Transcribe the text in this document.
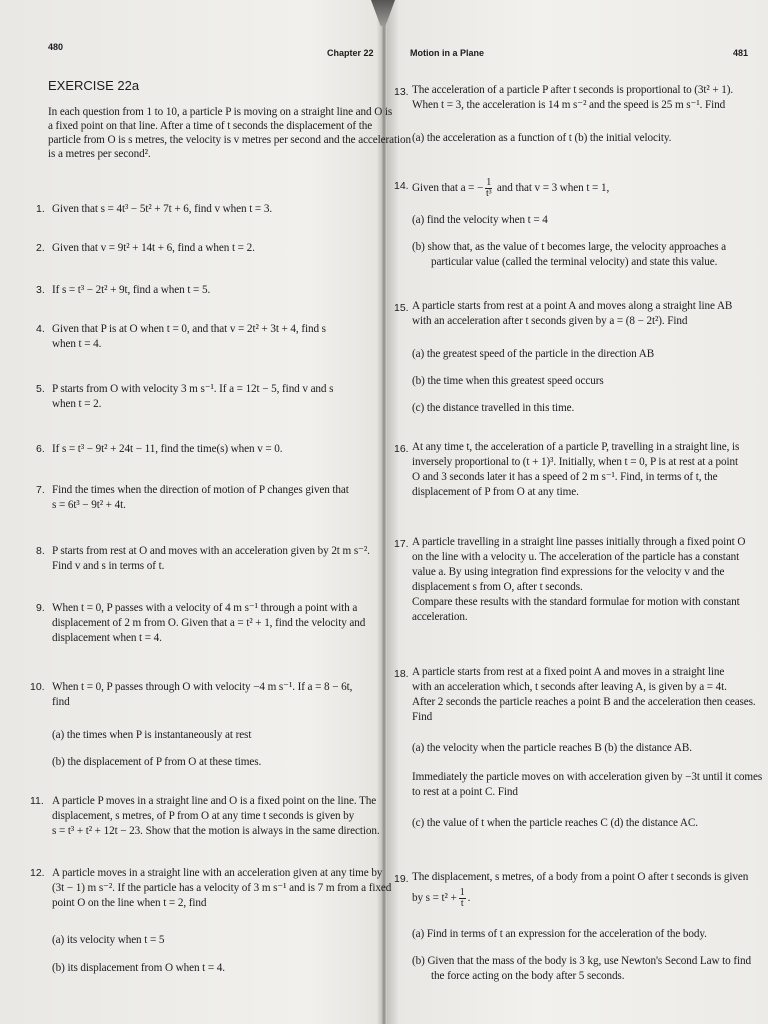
480
Chapter 22
EXERCISE 22a
In each question from 1 to 10, a particle P is moving on a straight line and O is
a fixed point on that line. After a time of t seconds the displacement of the
particle from O is s metres, the velocity is v metres per second and the acceleration
is a metres per second².
1. Given that s = 4t³ − 5t² + 7t + 6, find v when t = 3.
2. Given that v = 9t² + 14t + 6, find a when t = 2.
3. If s = t³ − 2t² + 9t, find a when t = 5.
4. Given that P is at O when t = 0, and that v = 2t² + 3t + 4, find s
when t = 4.
5. P starts from O with velocity 3 m s⁻¹. If a = 12t − 5, find v and s
when t = 2.
6. If s = t³ − 9t² + 24t − 11, find the time(s) when v = 0.
7. Find the times when the direction of motion of P changes given that
s = 6t³ − 9t² + 4t.
8. P starts from rest at O and moves with an acceleration given by 2t m s⁻².
Find v and s in terms of t.
9. When t = 0, P passes with a velocity of 4 m s⁻¹ through a point with a
displacement of 2 m from O. Given that a = t² + 1, find the velocity and
displacement when t = 4.
10. When t = 0, P passes through O with velocity −4 m s⁻¹. If a = 8 − 6t,
find
(a) the times when P is instantaneously at rest
(b) the displacement of P from O at these times.
11. A particle P moves in a straight line and O is a fixed point on the line. The
displacement, s metres, of P from O at any time t seconds is given by
s = t³ + t² + 12t − 23. Show that the motion is always in the same direction.
12. A particle moves in a straight line with an acceleration given at any time by
(3t − 1) m s⁻². If the particle has a velocity of 3 m s⁻¹ and is 7 m from a fixed
point O on the line when t = 2, find
(a) its velocity when t = 5
(b) its displacement from O when t = 4.
Motion in a Plane	481
13. The acceleration of a particle P after t seconds is proportional to (3t² + 1).
When t = 3, the acceleration is 14 m s⁻² and the speed is 25 m s⁻¹. Find
(a) the acceleration as a function of t (b) the initial velocity.
14. Given that a = − $\frac{1}{\text{t³}}$ and that v = 3 when t = 1,
(a) find the velocity when t = 4
(b) show that, as the value of t becomes large, the velocity approaches a
particular value (called the terminal velocity) and state this value.
15. A particle starts from rest at a point A and moves along a straight line AB
with an acceleration after t seconds given by a = (8 − 2t²). Find
(a) the greatest speed of the particle in the direction AB
(b) the time when this greatest speed occurs
(c) the distance travelled in this time.
16. At any time t, the acceleration of a particle P, travelling in a straight line, is
inversely proportional to (t + 1)³. Initially, when t = 0, P is at rest at a point
O and 3 seconds later it has a speed of 2 m s⁻¹. Find, in terms of t, the
displacement of P from O at any time.
17. A particle travelling in a straight line passes initially through a fixed point O
on the line with a velocity u. The acceleration of the particle has a constant
value a. By using integration find expressions for the velocity v and the
displacement s from O, after t seconds.
Compare these results with the standard formulae for motion with constant
acceleration.
18. A particle starts from rest at a fixed point A and moves in a straight line
with an acceleration which, t seconds after leaving A, is given by a = 4t.
After 2 seconds the particle reaches a point B and the acceleration then ceases.
Find
(a) the velocity when the particle reaches B (b) the distance AB.
Immediately the particle moves on with acceleration given by −3t until it comes
to rest at a point C. Find
(c) the value of t when the particle reaches C (d) the distance AC.
19. The displacement, s metres, of a body from a point O after t seconds is given
by $s = t^2 + \frac{1}{t}$ .
(a) Find in terms of t an expression for the acceleration of the body.
(b) Given that the mass of the body is 3 kg, use Newton's Second Law to find
the force acting on the body after 5 seconds.
